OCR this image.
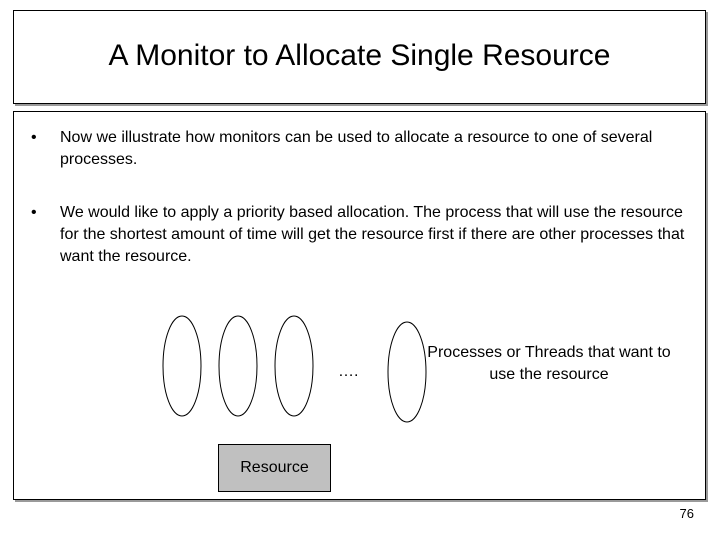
A Monitor to Allocate Single Resource
• Now we illustrate how monitors can be used to allocate a resource to one of several processes.
• We would like to apply a priority based allocation. The process that will use the resource for the shortest amount of time will get the resource first if there are other processes that want the resource.
….
Processes or Threads that want to use the resource
Resource
76
